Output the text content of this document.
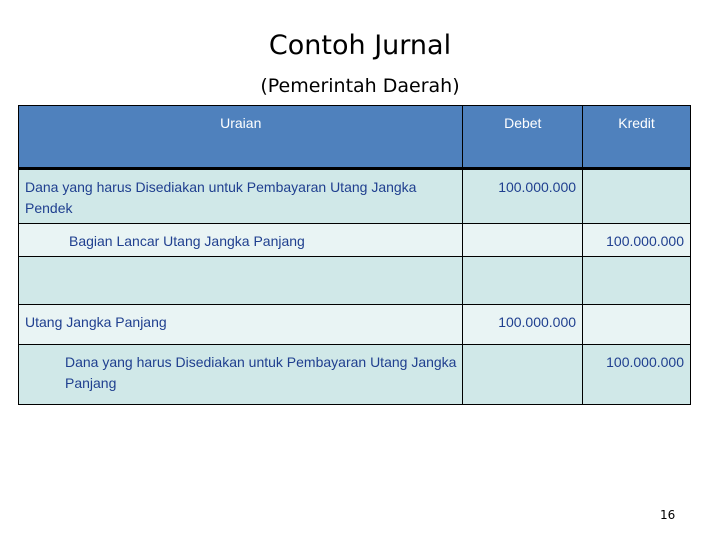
Contoh Jurnal
(Pemerintah Daerah)
Uraian	Debet	Kredit
Dana yang harus Disediakan untuk Pembayaran Utang Jangka Pendek	100.000.000	
Bagian Lancar Utang Jangka Panjang		100.000.000

Utang Jangka Panjang	100.000.000	
Dana yang harus Disediakan untuk Pembayaran Utang Jangka Panjang		100.000.000
16
